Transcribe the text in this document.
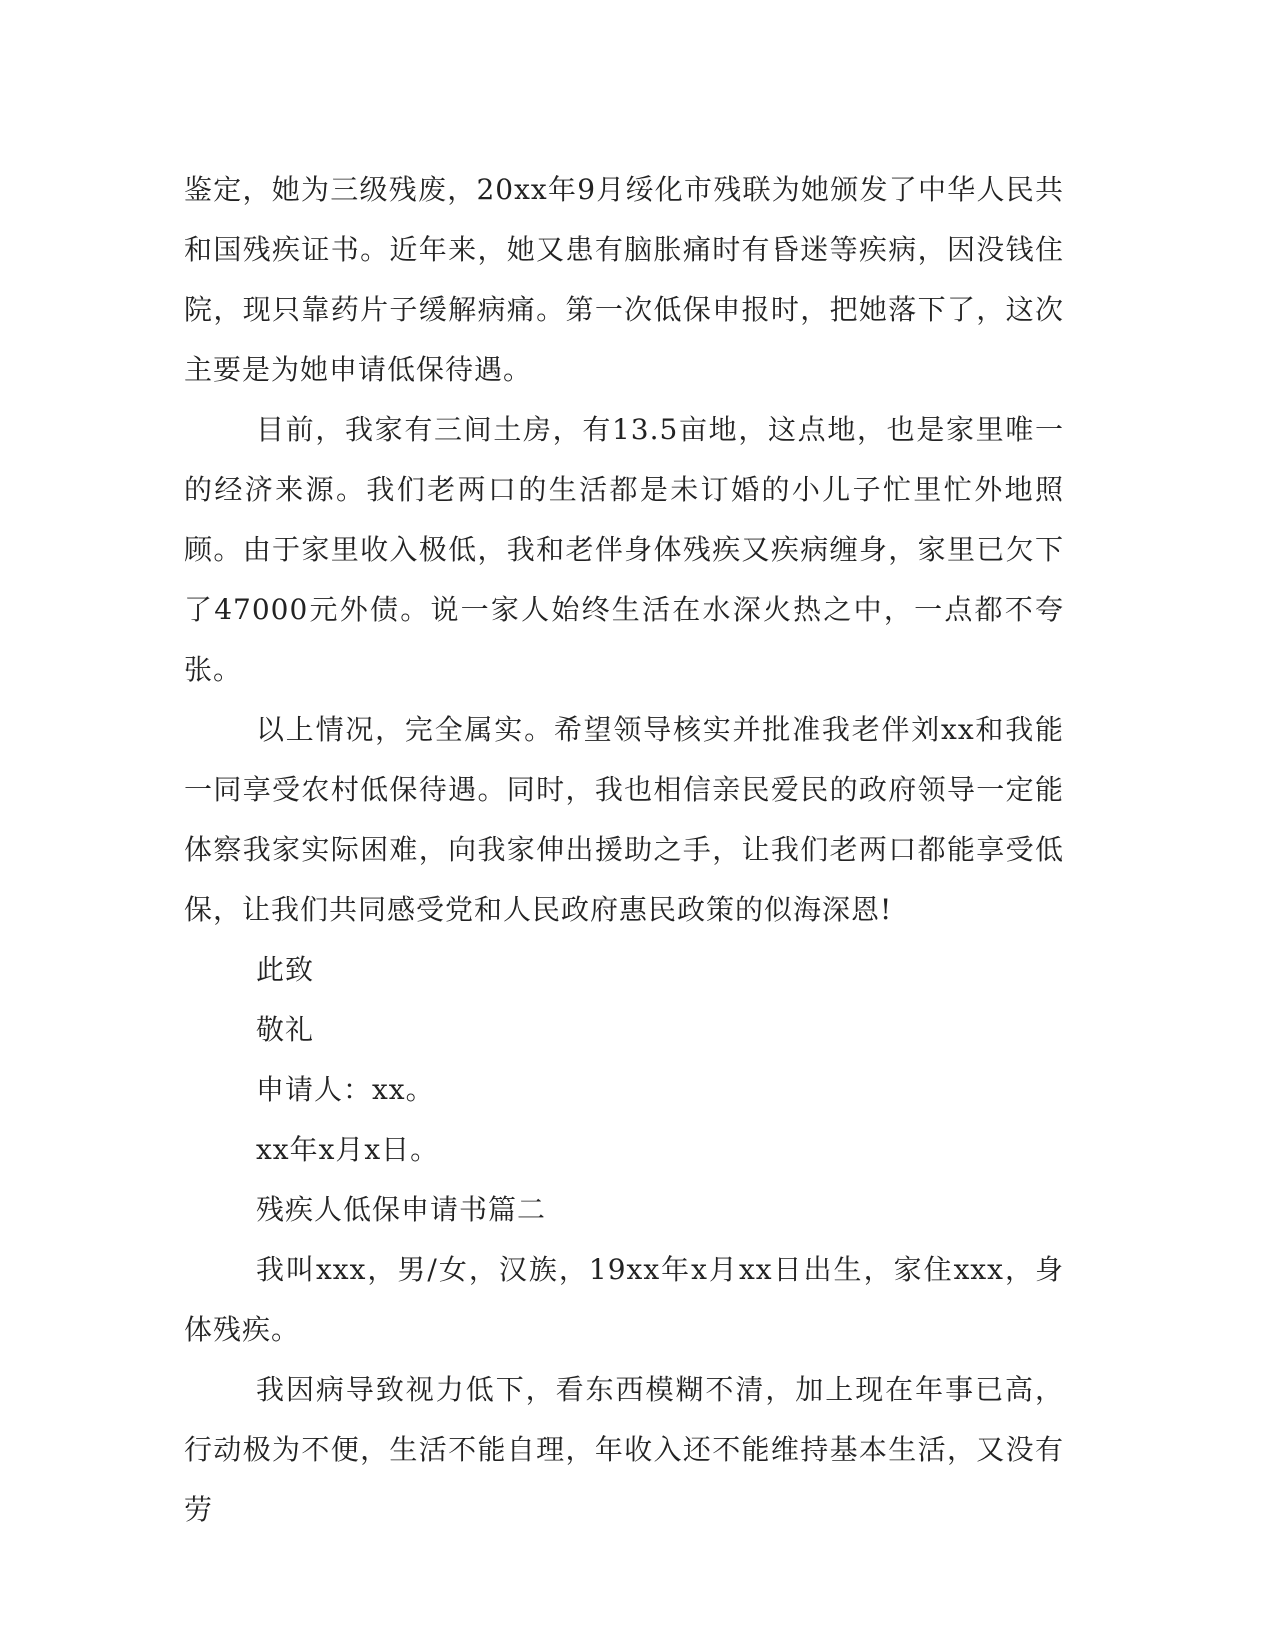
鉴定，她为三级残废，20xx年9月绥化市残联为她颁发了中华人民共和国残疾证书。近年来，她又患有脑胀痛时有昏迷等疾病，因没钱住院，现只靠药片子缓解病痛。第一次低保申报时，把她落下了，这次主要是为她申请低保待遇。

目前，我家有三间土房，有13.5亩地，这点地，也是家里唯一的经济来源。我们老两口的生活都是未订婚的小儿子忙里忙外地照顾。由于家里收入极低，我和老伴身体残疾又疾病缠身，家里已欠下了47000元外债。说一家人始终生活在水深火热之中，一点都不夸张。

以上情况，完全属实。希望领导核实并批准我老伴刘xx和我能一同享受农村低保待遇。同时，我也相信亲民爱民的政府领导一定能体察我家实际困难，向我家伸出援助之手，让我们老两口都能享受低保，让我们共同感受党和人民政府惠民政策的似海深恩!

此致

敬礼

申请人：xx。

xx年x月x日。

残疾人低保申请书篇二

我叫xxx，男/女，汉族，19xx年x月xx日出生，家住xxx，身体残疾。

我因病导致视力低下，看东西模糊不清，加上现在年事已高，行动极为不便，生活不能自理，年收入还不能维持基本生活，又没有劳
